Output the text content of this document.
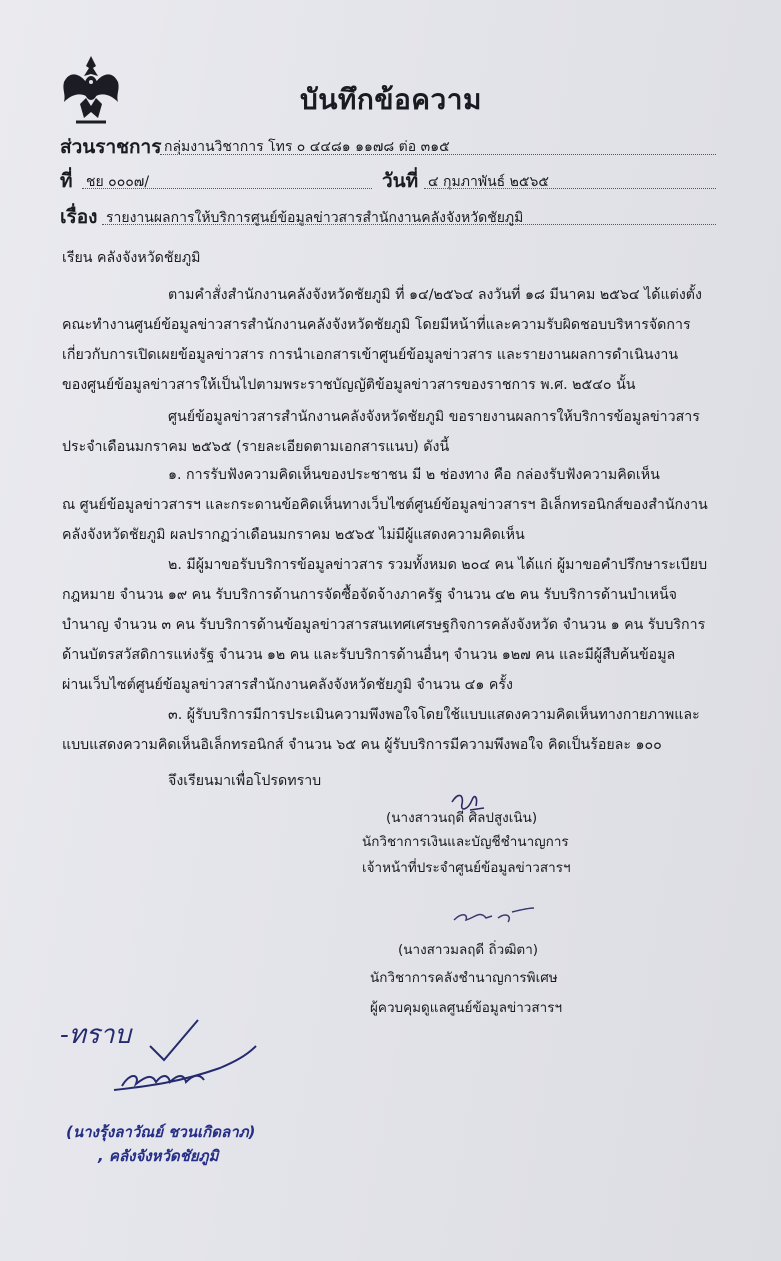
บันทึกข้อความ
ส่วนราชการ กลุ่มงานวิชาการ โทร ๐ ๔๔๘๑ ๑๑๗๘ ต่อ ๓๑๕
ที่ ชย ๐๐๐๗/	วันที่ ๔ กุมภาพันธ์ ๒๕๖๕
เรื่อง รายงานผลการให้บริการศูนย์ข้อมูลข่าวสารสำนักงานคลังจังหวัดชัยภูมิ
เรียน คลังจังหวัดชัยภูมิ
ตามคำสั่งสำนักงานคลังจังหวัดชัยภูมิ ที่ ๑๔/๒๕๖๔ ลงวันที่ ๑๘ มีนาคม ๒๕๖๔ ได้แต่งตั้ง
คณะทำงานศูนย์ข้อมูลข่าวสารสำนักงานคลังจังหวัดชัยภูมิ โดยมีหน้าที่และความรับผิดชอบบริหารจัดการ
เกี่ยวกับการเปิดเผยข้อมูลข่าวสาร การนำเอกสารเข้าศูนย์ข้อมูลข่าวสาร และรายงานผลการดำเนินงาน
ของศูนย์ข้อมูลข่าวสารให้เป็นไปตามพระราชบัญญัติข้อมูลข่าวสารของราชการ พ.ศ. ๒๕๔๐ นั้น
ศูนย์ข้อมูลข่าวสารสำนักงานคลังจังหวัดชัยภูมิ ขอรายงานผลการให้บริการข้อมูลข่าวสาร
ประจำเดือนมกราคม ๒๕๖๕ (รายละเอียดตามเอกสารแนบ) ดังนี้
๑. การรับฟังความคิดเห็นของประชาชน มี ๒ ช่องทาง คือ กล่องรับฟังความคิดเห็น
ณ ศูนย์ข้อมูลข่าวสารฯ และกระดานข้อคิดเห็นทางเว็บไซต์ศูนย์ข้อมูลข่าวสารฯ อิเล็กทรอนิกส์ของสำนักงาน
คลังจังหวัดชัยภูมิ ผลปรากฏว่าเดือนมกราคม ๒๕๖๕ ไม่มีผู้แสดงความคิดเห็น
๒. มีผู้มาขอรับบริการข้อมูลข่าวสาร รวมทั้งหมด ๒๐๔ คน ได้แก่ ผู้มาขอคำปรึกษาระเบียบ
กฎหมาย จำนวน ๑๙ คน รับบริการด้านการจัดซื้อจัดจ้างภาครัฐ จำนวน ๔๒ คน รับบริการด้านบำเหน็จ
บำนาญ จำนวน ๓ คน รับบริการด้านข้อมูลข่าวสารสนเทศเศรษฐกิจการคลังจังหวัด จำนวน ๑ คน รับบริการ
ด้านบัตรสวัสดิการแห่งรัฐ จำนวน ๑๒ คน และรับบริการด้านอื่นๆ จำนวน ๑๒๗ คน และมีผู้สืบค้นข้อมูล
ผ่านเว็บไซต์ศูนย์ข้อมูลข่าวสารสำนักงานคลังจังหวัดชัยภูมิ จำนวน ๔๑ ครั้ง
๓. ผู้รับบริการมีการประเมินความพึงพอใจโดยใช้แบบแสดงความคิดเห็นทางกายภาพและ
แบบแสดงความคิดเห็นอิเล็กทรอนิกส์ จำนวน ๖๕ คน ผู้รับบริการมีความพึงพอใจ คิดเป็นร้อยละ ๑๐๐
จึงเรียนมาเพื่อโปรดทราบ
(นางสาวนฤดี ศิลปสูงเนิน)
นักวิชาการเงินและบัญชีชำนาญการ
เจ้าหน้าที่ประจำศูนย์ข้อมูลข่าวสารฯ
(นางสาวมลฤดี ถิ่วฒิตา)
นักวิชาการคลังชำนาญการพิเศษ
ผู้ควบคุมดูแลศูนย์ข้อมูลข่าวสารฯ
-ทราบ
(นางรุ้งลาวัณย์ ชวนเกิดลาภ)
, คลังจังหวัดชัยภูมิ
